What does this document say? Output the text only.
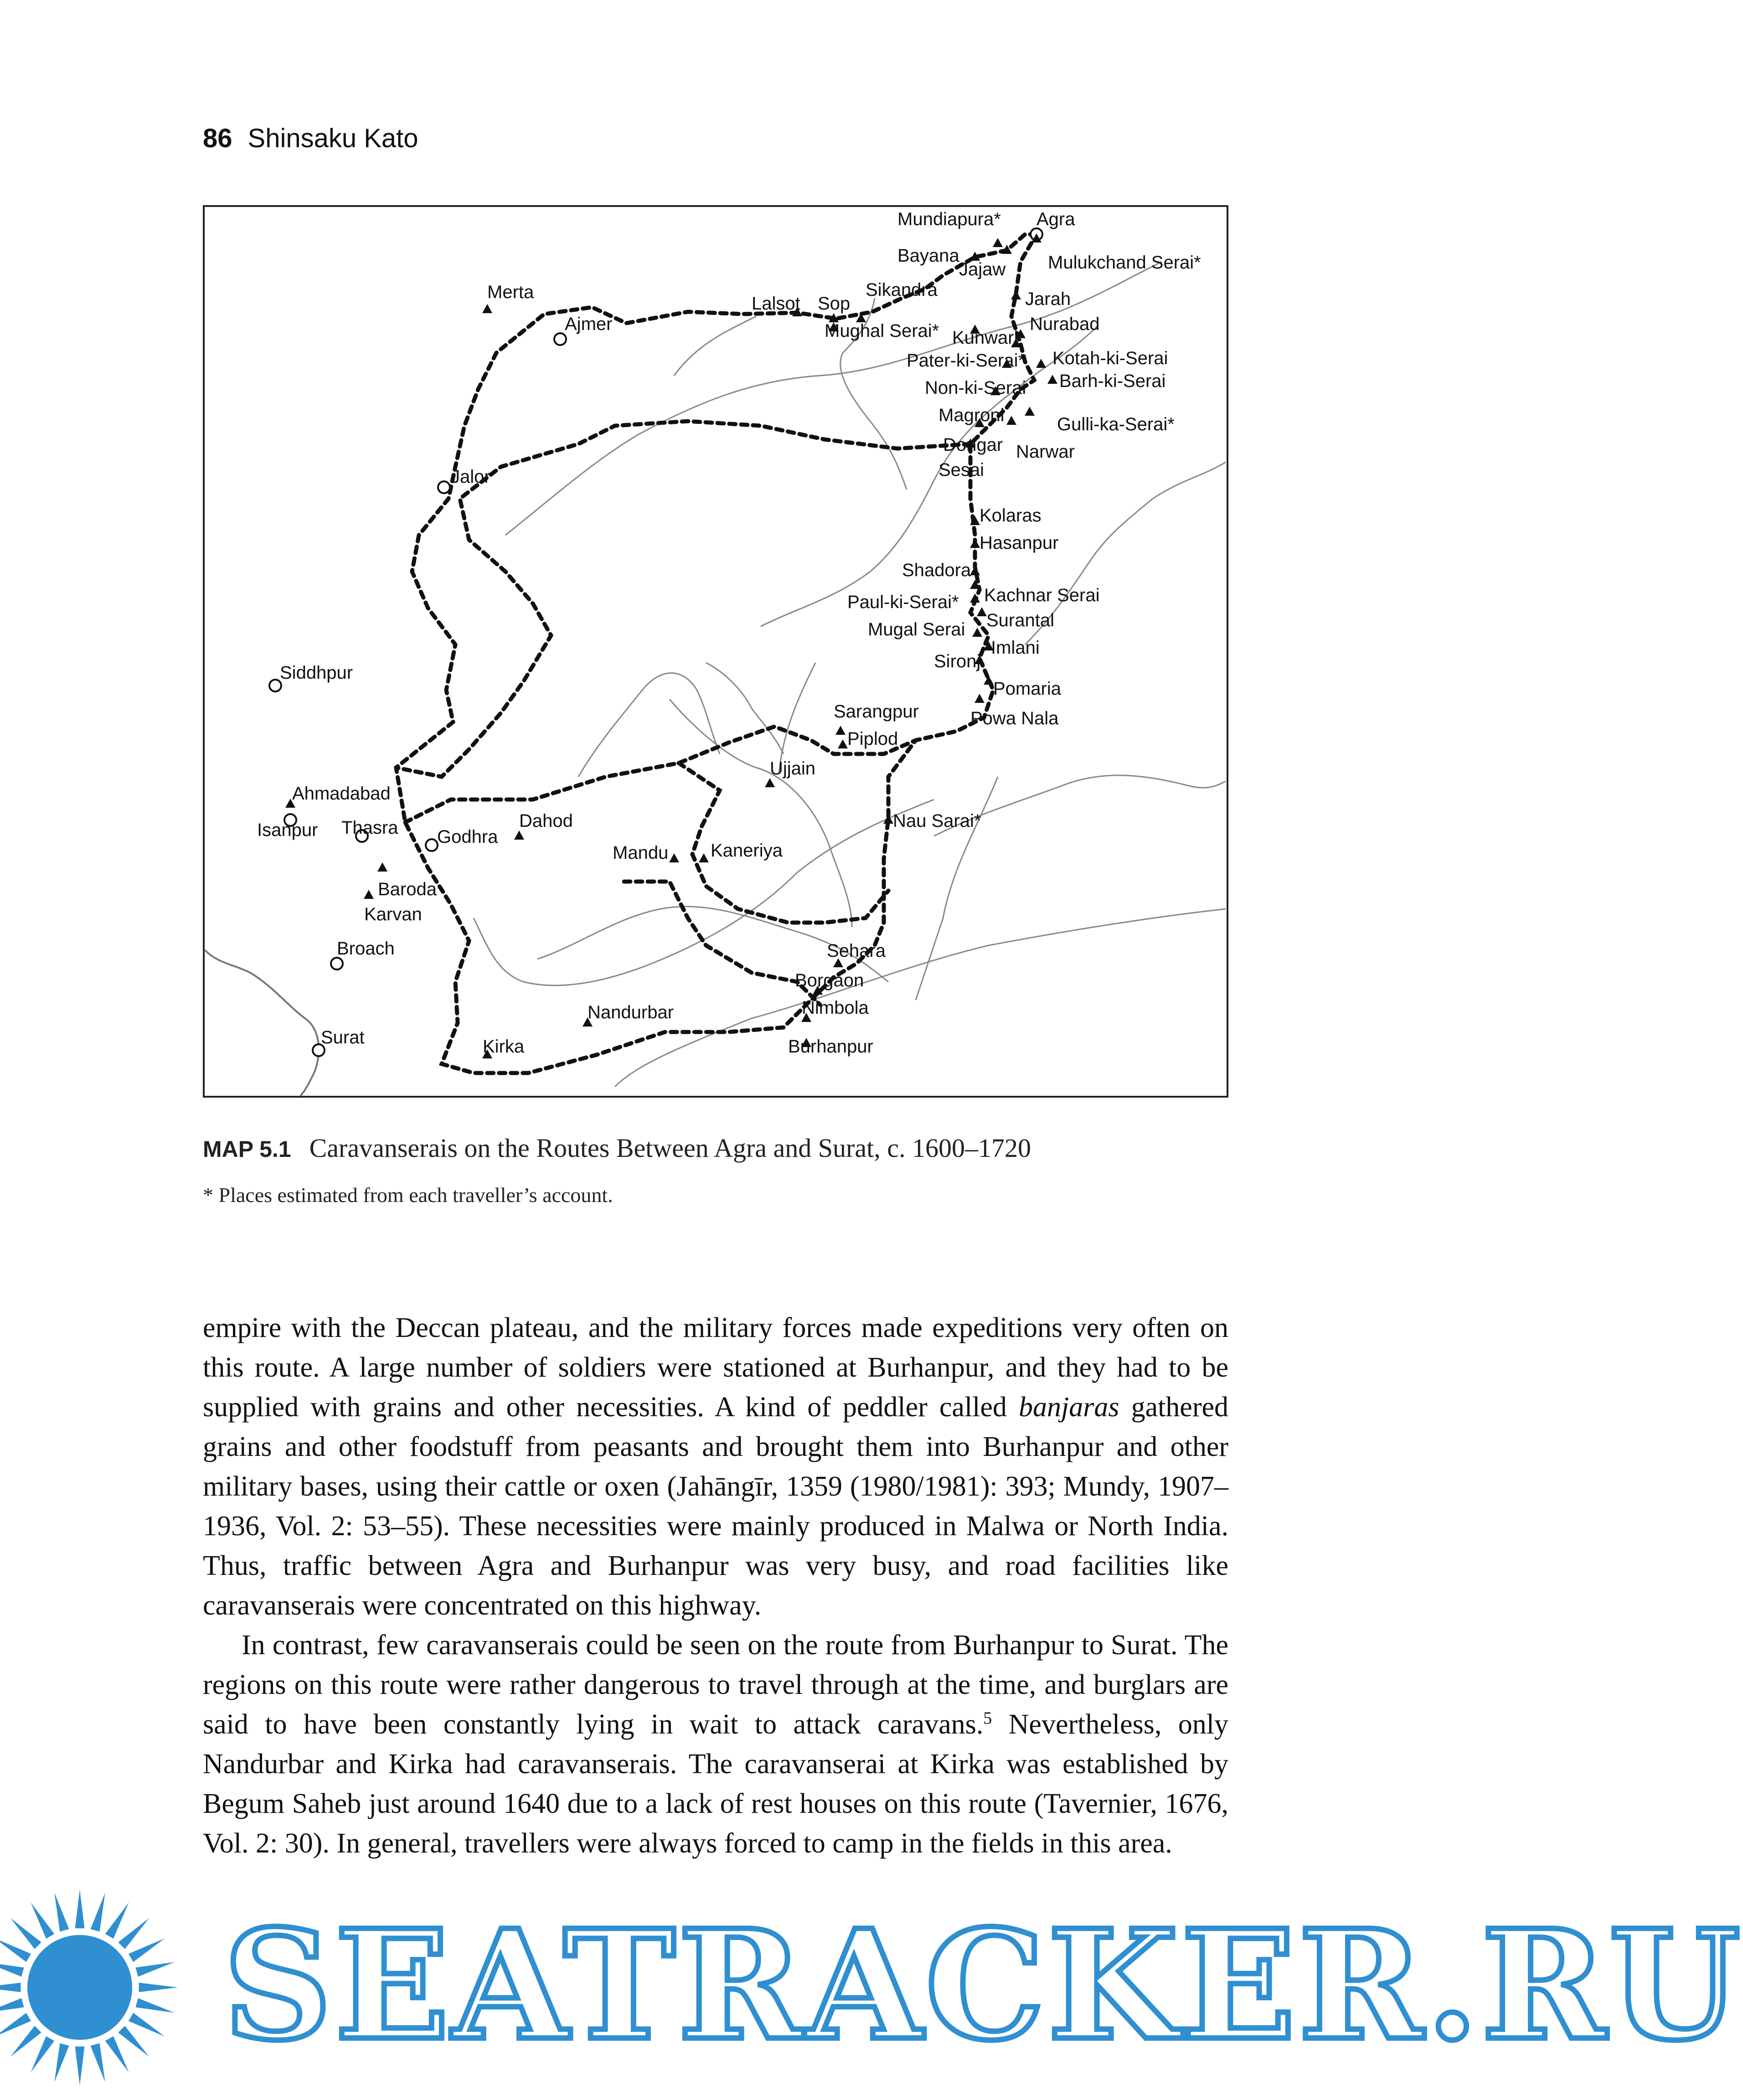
86 Shinsaku Kato
Agra
Mundiapura*
Bayana
Jajaw Mulukchand Serai*
Merta
Ajmer
Lalsot Sop
Sikandra	Jarah
Mughal Serai* Kunwari
Nurabad
Pater-ki-Serai* Kotah-ki-Serai
Non-ki-Serai Barh-ki-Serai
Magroni	Gulli-ka-Serai*
Dongar Narwar
Sesai
Jalor
Kolaras
Hasanpur
Shadora
Kachnar Serai
Paul-ki-Serai*
Surantal
Mugal Serai
Imlani
Sironj
Siddhpur
Pomaria
Sarangpur	Powa Nala
Piplod
Ujjain
Ahmadabad
Nau Sarai*
Isanpur Thasra Godhra
Dahod
Mandu Kaneriya
Baroda
Karvan
Sehara
Broach
Borgaon
Nandurbar	Nimbola
Surat	Kirka	Burhanpur
MAP 5.1 Caravanserais on the Routes Between Agra and Surat, c. 1600–1720
* Places estimated from each traveller’s account.

empire with the Deccan plateau, and the military forces made expeditions very often on this route. A large number of soldiers were stationed at Burhanpur, and they had to be supplied with grains and other necessities. A kind of peddler called banjaras gathered grains and other foodstuff from peasants and brought them into Burhanpur and other military bases, using their cattle or oxen (Jahāngīr, 1359 (1980/1981): 393; Mundy, 1907–1936, Vol. 2: 53–55). These necessities were mainly produced in Malwa or North India. Thus, traffic between Agra and Burhanpur was very busy, and road facilities like caravanserais were concentrated on this highway.

In contrast, few caravanserais could be seen on the route from Burhanpur to Surat. The regions on this route were rather dangerous to travel through at the time, and burglars are said to have been constantly lying in wait to attack caravans.$^5$ Nevertheless, only Nandurbar and Kirka had caravanserais. The caravanserai at Kirka was established by Begum Saheb just around 1640 due to a lack of rest houses on this route (Tavernier, 1676, Vol. 2: 30). In general, travellers were always forced to camp in the fields in this area.

SEATRACKER.RU
